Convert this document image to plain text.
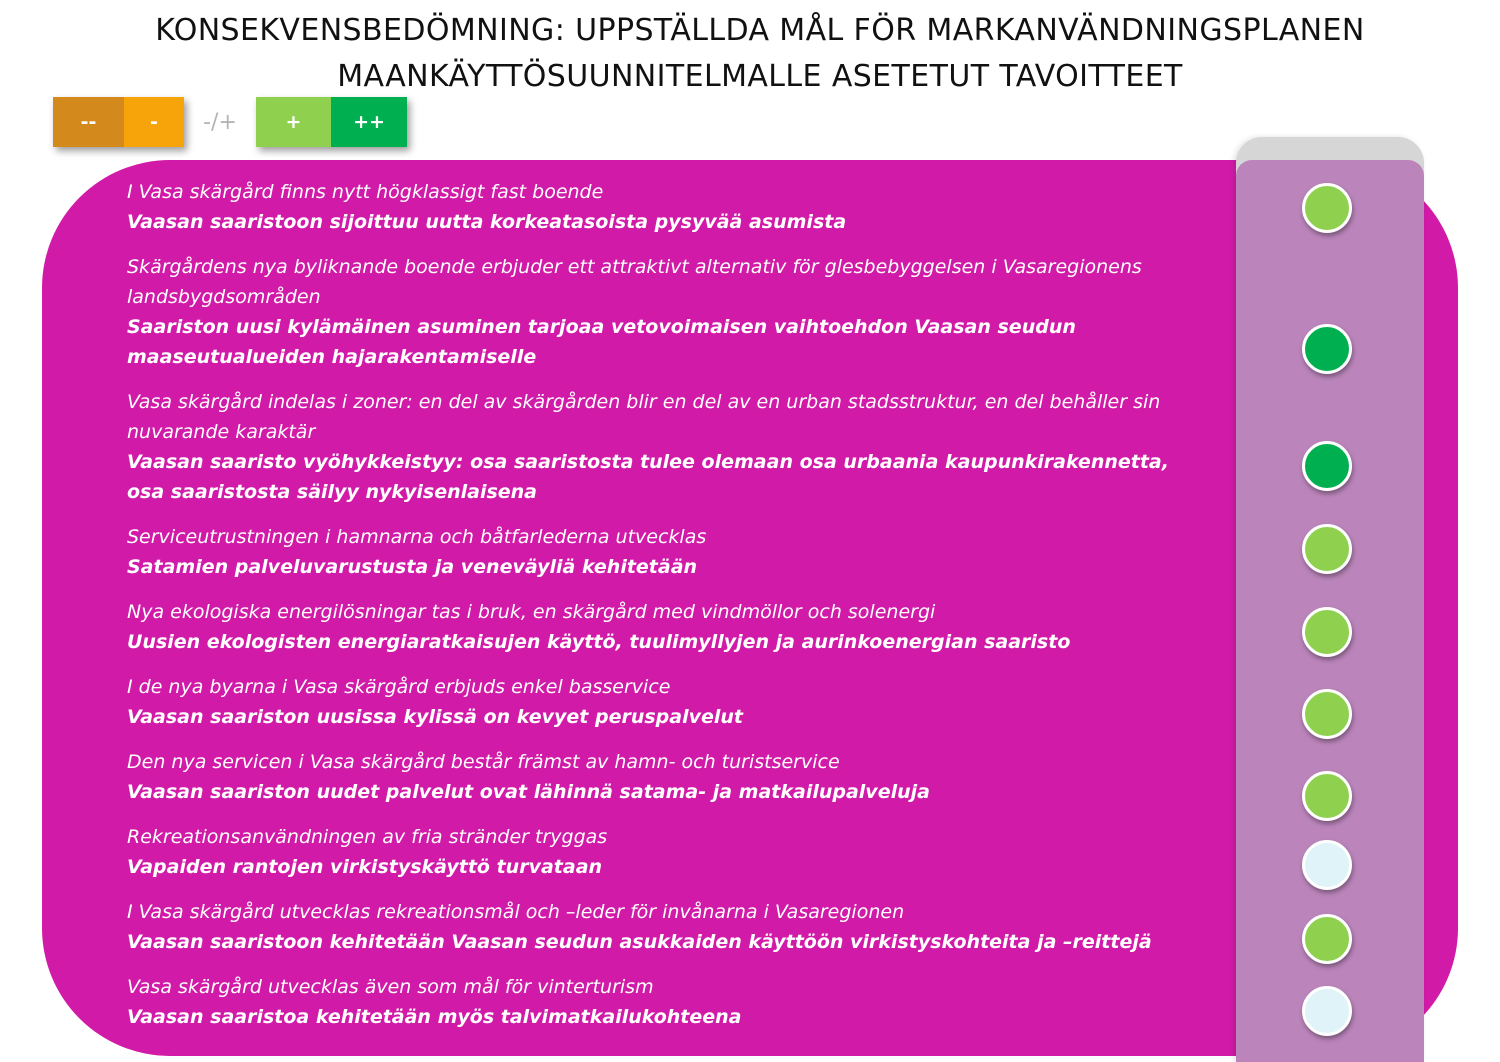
KONSEKVENSBEDÖMNING: UPPSTÄLLDA MÅL FÖR MARKANVÄNDNINGSPLANEN
MAANKÄYTTÖSUUNNITELMALLE ASETETUT TAVOITTEET
--	-	-/+	+	++
I Vasa skärgård finns nytt högklassigt fast boende
Vaasan saaristoon sijoittuu uutta korkeatasoista pysyvää asumista
Skärgårdens nya byliknande boende erbjuder ett attraktivt alternativ för glesbebyggelsen i Vasaregionens landsbygdsområden
Saariston uusi kylämäinen asuminen tarjoaa vetovoimaisen vaihtoehdon Vaasan seudun maaseutualueiden hajarakentamiselle
Vasa skärgård indelas i zoner: en del av skärgården blir en del av en urban stadsstruktur, en del behåller sin nuvarande karaktär
Vaasan saaristo vyöhykkeistyy: osa saaristosta tulee olemaan osa urbaania kaupunkirakennetta, osa saaristosta säilyy nykyisenlaisena
Serviceutrustningen i hamnarna och båtfarlederna utvecklas
Satamien palveluvarustusta ja veneväyliä kehitetään
Nya ekologiska energilösningar tas i bruk, en skärgård med vindmöllor och solenergi
Uusien ekologisten energiaratkaisujen käyttö, tuulimyllyjen ja aurinkoenergian saaristo
I de nya byarna i Vasa skärgård erbjuds enkel basservice
Vaasan saariston uusissa kylissä on kevyet peruspalvelut
Den nya servicen i Vasa skärgård består främst av hamn- och turistservice
Vaasan saariston uudet palvelut ovat lähinnä satama- ja matkailupalveluja
Rekreationsanvändningen av fria stränder tryggas
Vapaiden rantojen virkistyskäyttö turvataan
I Vasa skärgård utvecklas rekreationsmål och –leder för invånarna i Vasaregionen
Vaasan saaristoon kehitetään Vaasan seudun asukkaiden käyttöön virkistyskohteita ja –reittejä
Vasa skärgård utvecklas även som mål för vinterturism
Vaasan saaristoa kehitetään myös talvimatkailukohteena
